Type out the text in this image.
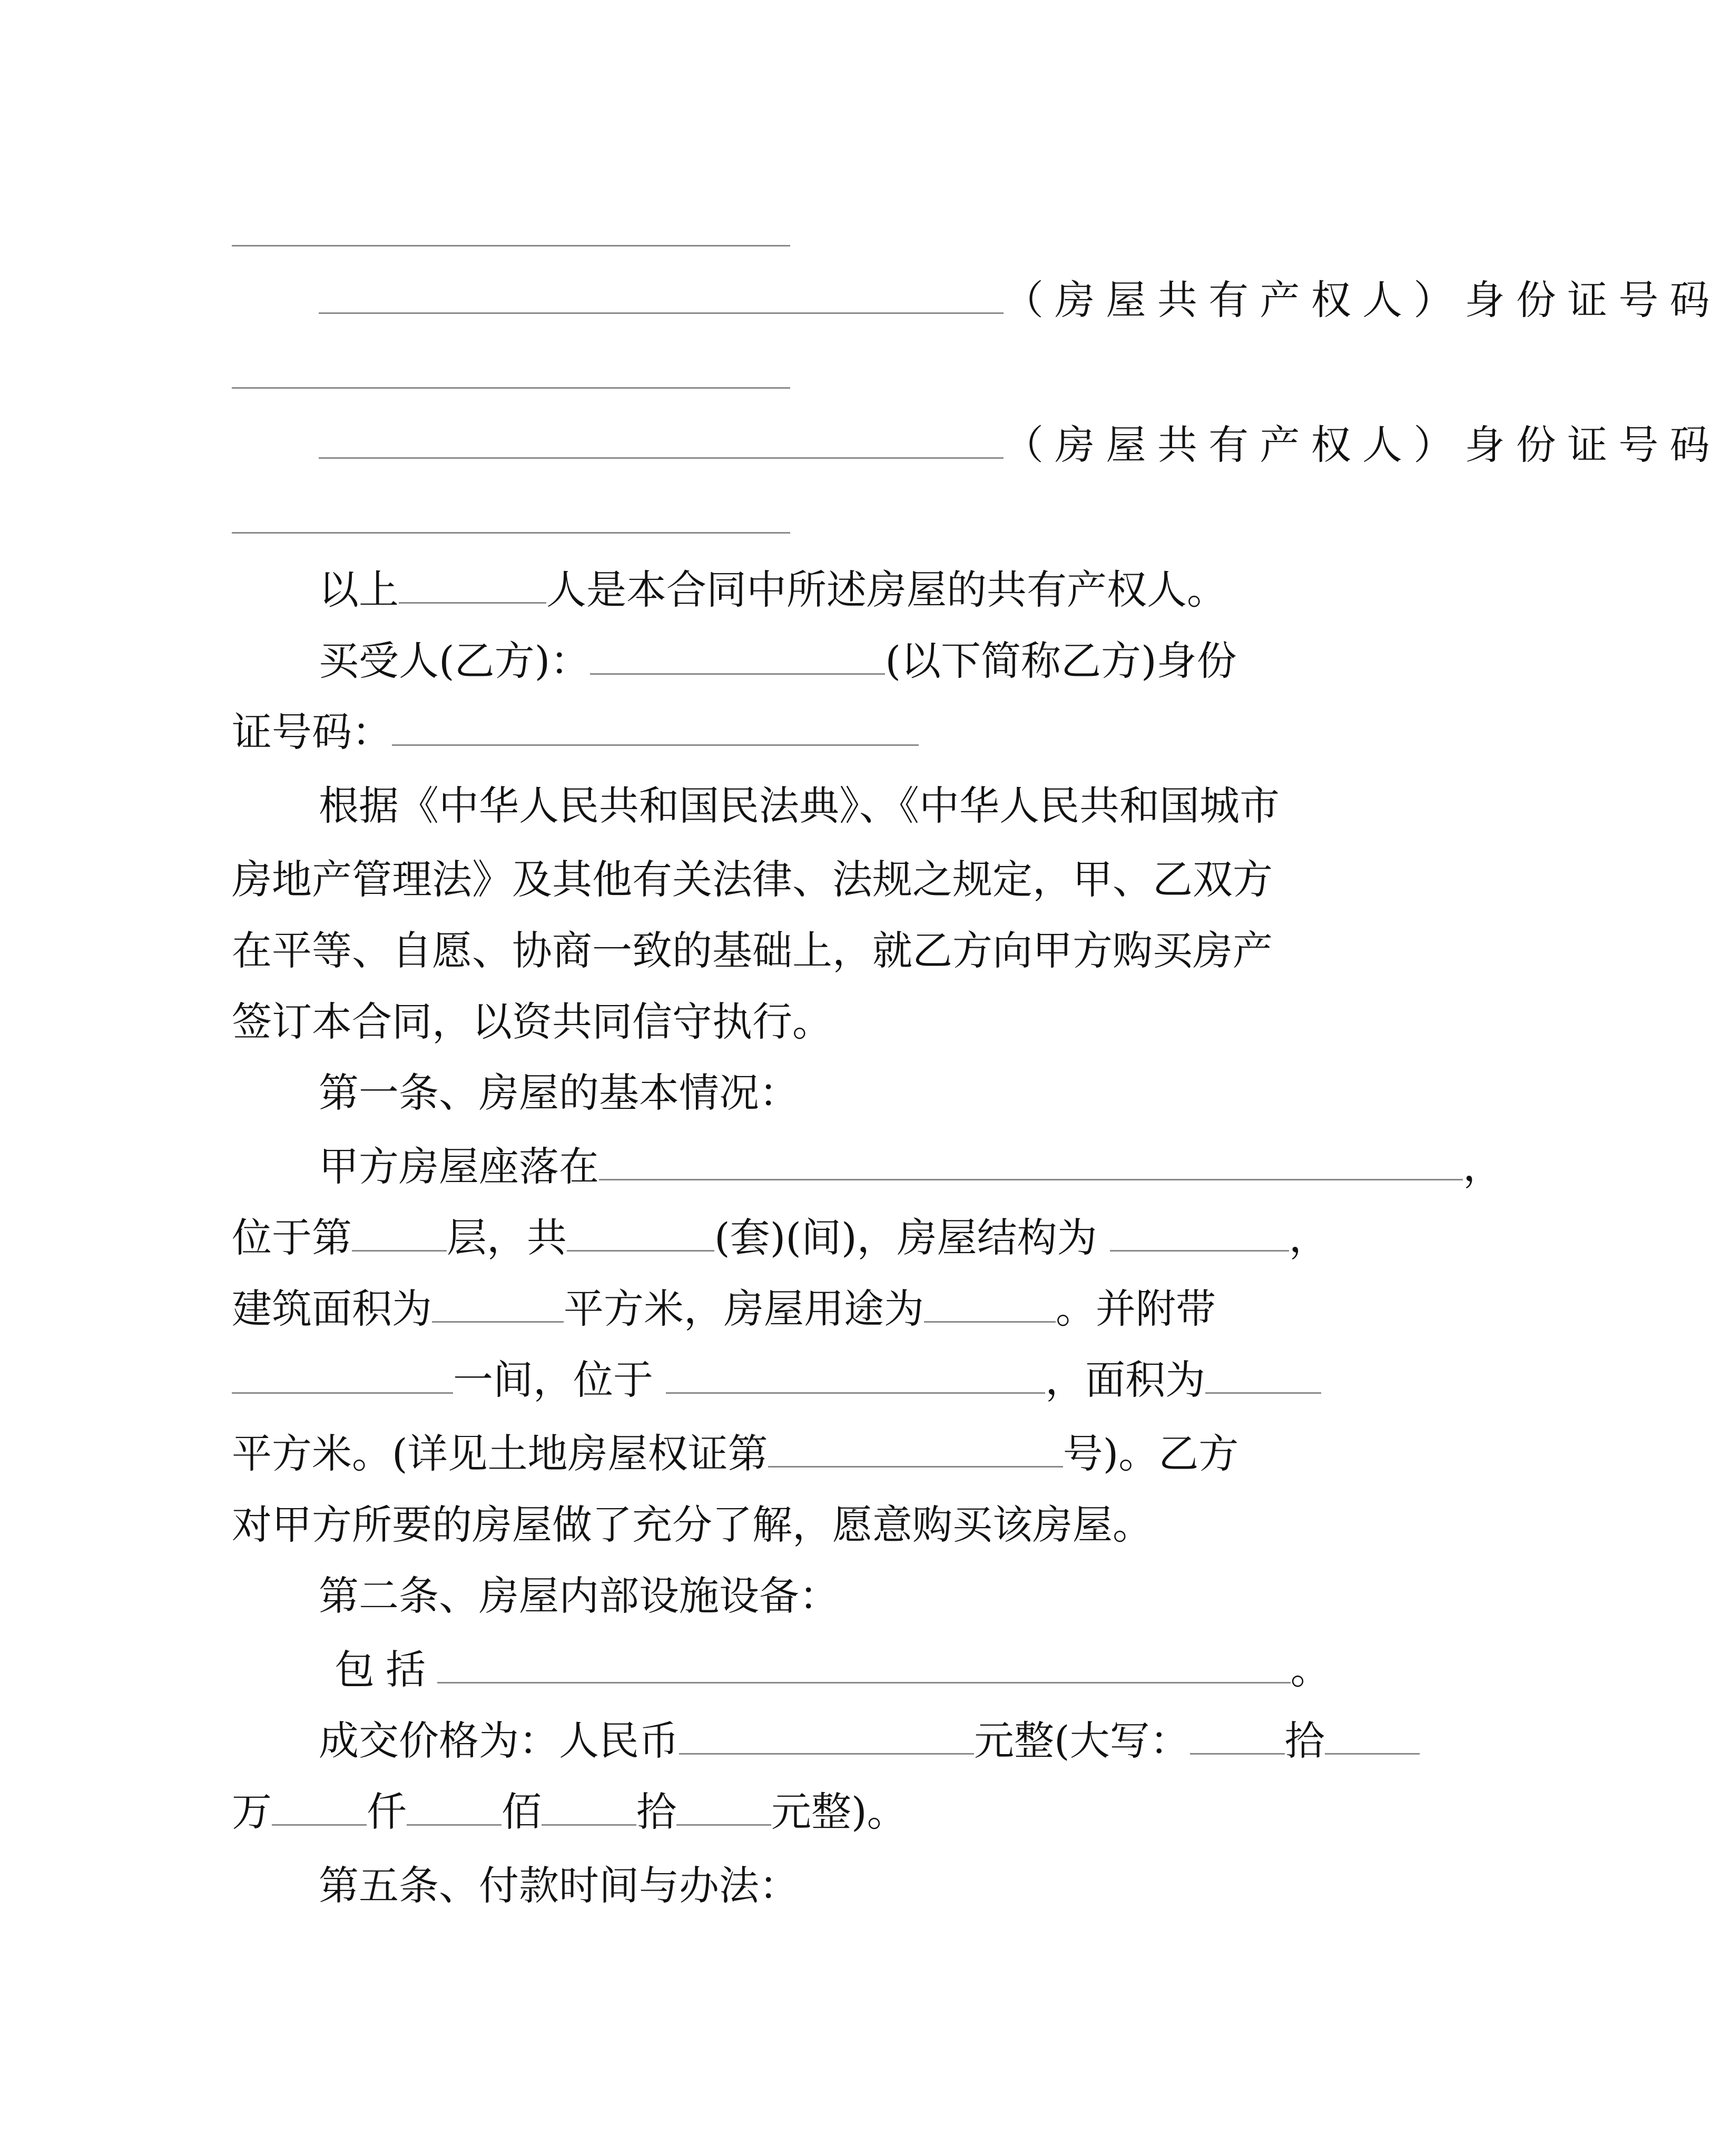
（房屋共有产权人）身份证号码
（房屋共有产权人）身份证号码
以上	人是本合同中所述房屋的共有产权人。
买受人(乙方)：	(以下简称乙方)身份
证号码：
根据《中华人民共和国民法典》、《中华人民共和国城市
房地产管理法》及其他有关法律、法规之规定，甲、乙双方
在平等、自愿、协商一致的基础上，就乙方向甲方购买房产
签订本合同，以资共同信守执行。
第一条、房屋的基本情况：
甲方房屋座落在	，
位于第 层，共	(套)(间)，房屋结构为	，
建筑面积为	平方米，房屋用途为	。并附带
一间，位于	，面积为
平方米。(详见土地房屋权证第	号)。乙方
对甲方所要的房屋做了充分了解，愿意购买该房屋。
第二条、房屋内部设施设备：
包括	。
成交价格为：人民币	元整(大写： 拾
万 仟 佰 拾 元整)。
第五条、付款时间与办法：
